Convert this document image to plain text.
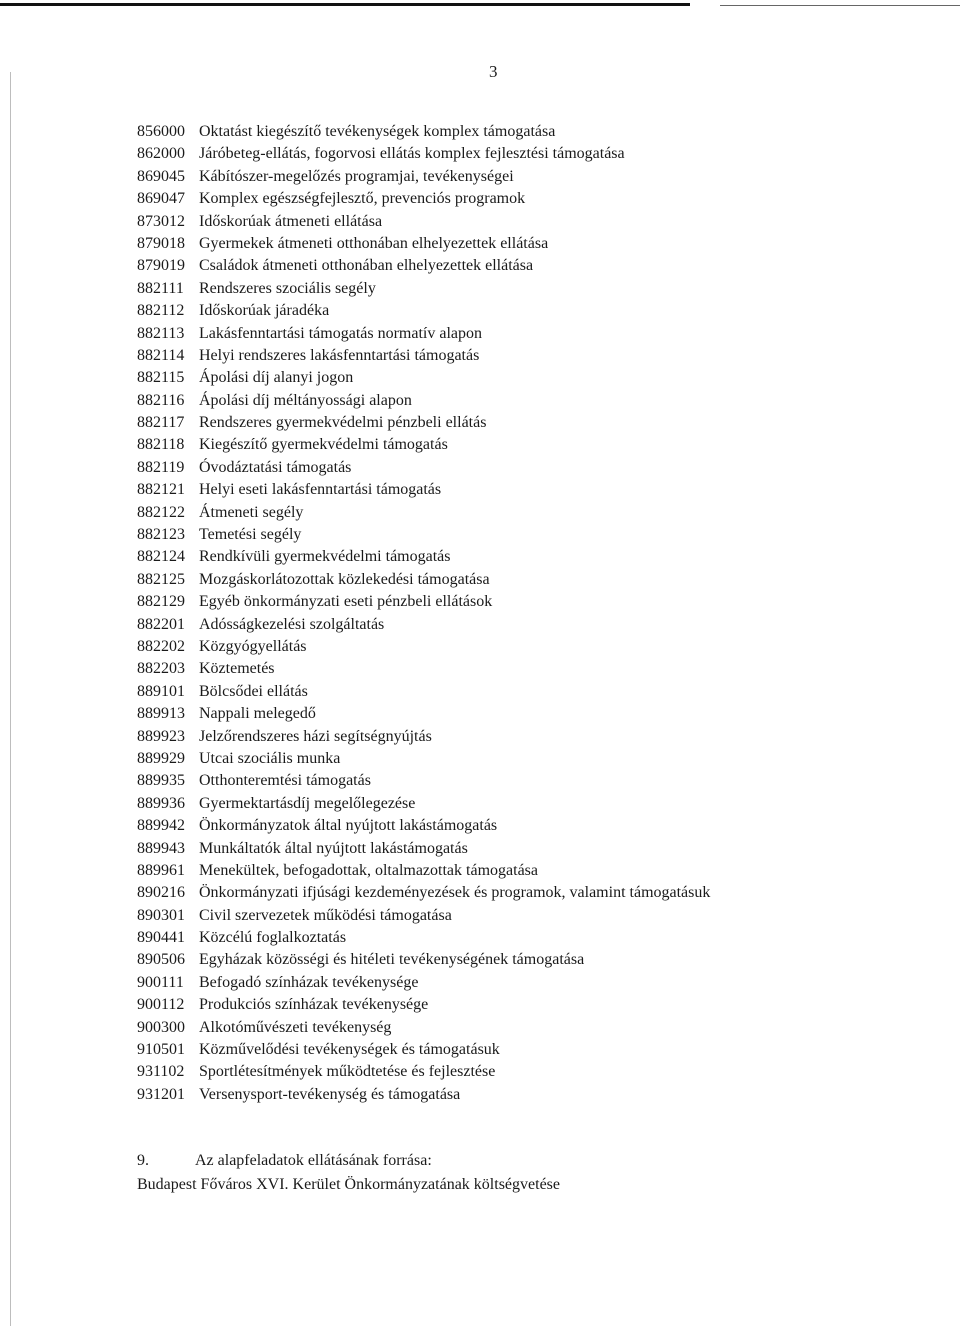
3
856000 Oktatást kiegészítő tevékenységek komplex támogatása
862000 Járóbeteg-ellátás, fogorvosi ellátás komplex fejlesztési támogatása
869045 Kábítószer-megelőzés programjai, tevékenységei
869047 Komplex egészségfejlesztő, prevenciós programok
873012 Időskorúak átmeneti ellátása
879018 Gyermekek átmeneti otthonában elhelyezettek ellátása
879019 Családok átmeneti otthonában elhelyezettek ellátása
882111 Rendszeres szociális segély
882112 Időskorúak járadéka
882113 Lakásfenntartási támogatás normatív alapon
882114 Helyi rendszeres lakásfenntartási támogatás
882115 Ápolási díj alanyi jogon
882116 Ápolási díj méltányossági alapon
882117 Rendszeres gyermekvédelmi pénzbeli ellátás
882118 Kiegészítő gyermekvédelmi támogatás
882119 Óvodáztatási támogatás
882121 Helyi eseti lakásfenntartási támogatás
882122 Átmeneti segély
882123 Temetési segély
882124 Rendkívüli gyermekvédelmi támogatás
882125 Mozgáskorlátozottak közlekedési támogatása
882129 Egyéb önkormányzati eseti pénzbeli ellátások
882201 Adósságkezelési szolgáltatás
882202 Közgyógyellátás
882203 Köztemetés
889101 Bölcsődei ellátás
889913 Nappali melegedő
889923 Jelzőrendszeres házi segítségnyújtás
889929 Utcai szociális munka
889935 Otthonteremtési támogatás
889936 Gyermektartásdíj megelőlegezése
889942 Önkormányzatok által nyújtott lakástámogatás
889943 Munkáltatók által nyújtott lakástámogatás
889961 Menekültek, befogadottak, oltalmazottak támogatása
890216 Önkormányzati ifjúsági kezdeményezések és programok, valamint támogatásuk
890301 Civil szervezetek működési támogatása
890441 Közcélú foglalkoztatás
890506 Egyházak közösségi és hitéleti tevékenységének támogatása
900111 Befogadó színházak tevékenysége
900112 Produkciós színházak tevékenysége
900300 Alkotóművészeti tevékenység
910501 Közművelődési tevékenységek és támogatásuk
931102 Sportlétesítmények működtetése és fejlesztése
931201 Versenysport-tevékenység és támogatása
9.	Az alapfeladatok ellátásának forrása:
Budapest Főváros XVI. Kerület Önkormányzatának költségvetése
